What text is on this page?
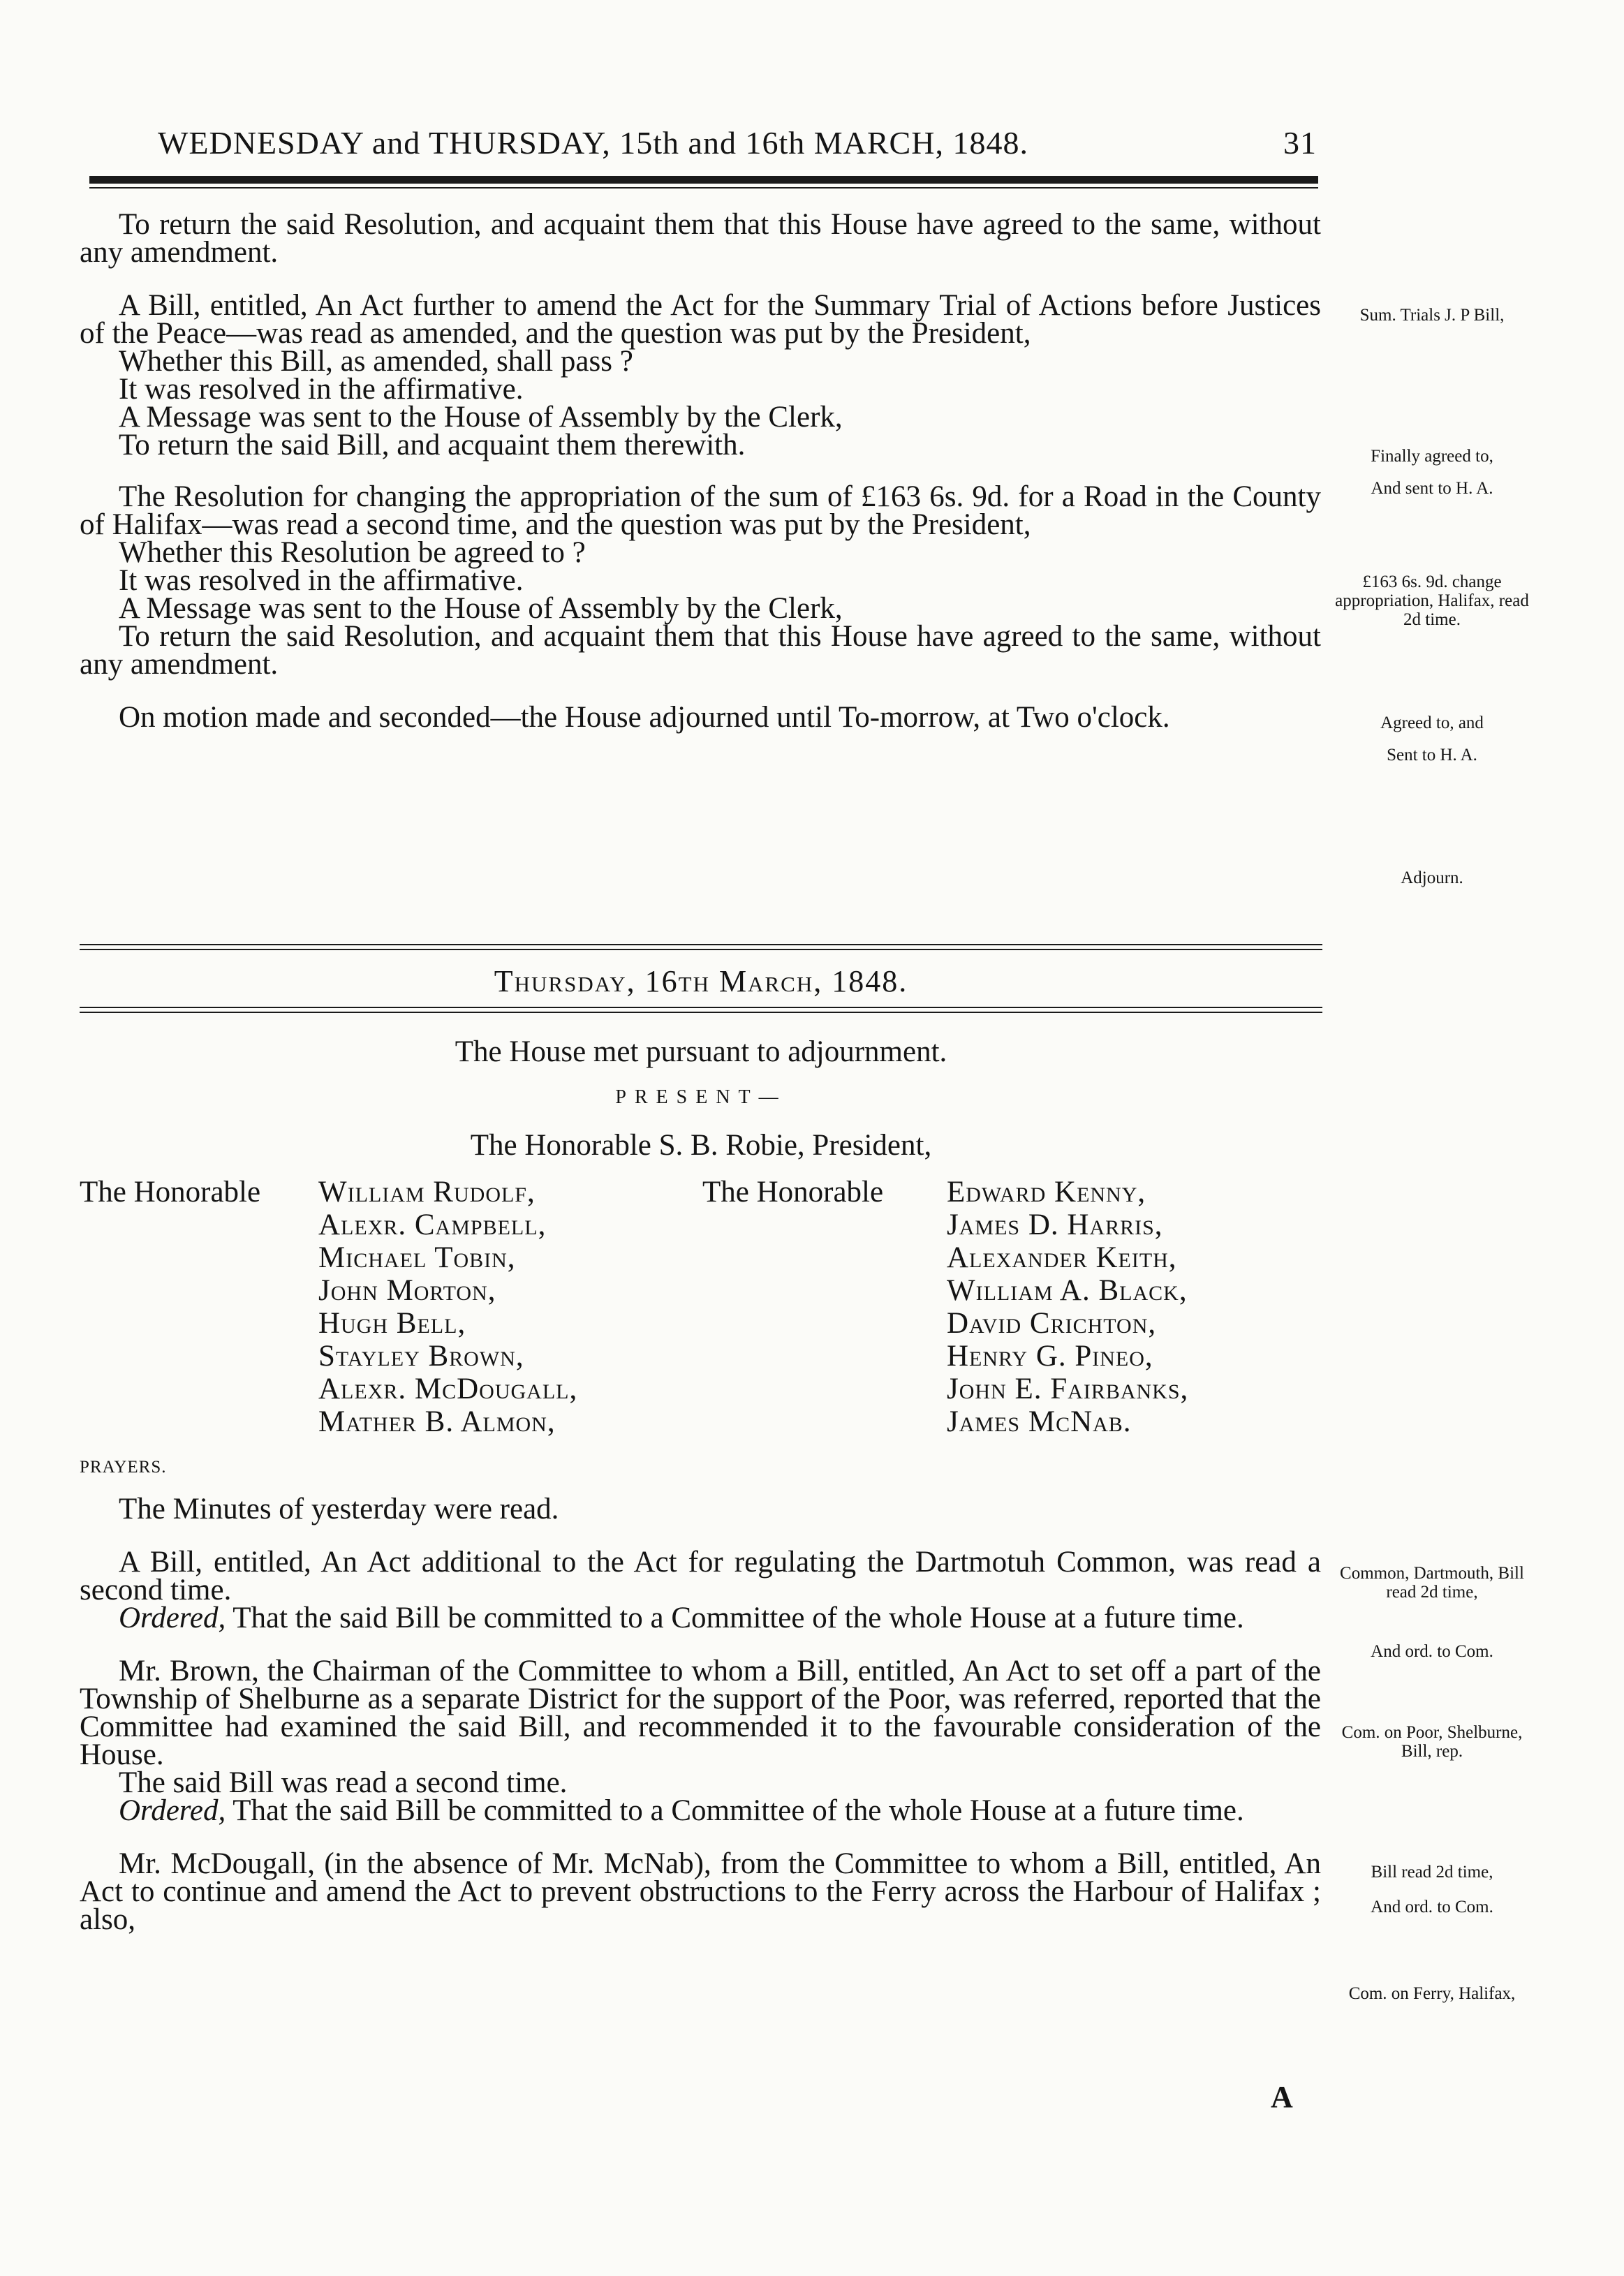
WEDNESDAY and THURSDAY, 15th and 16th MARCH, 1848.	31

To return the said Resolution, and acquaint them that this House have agreed to the same, without any amendment.

A Bill, entitled, An Act further to amend the Act for the Summary Trial of Actions before Justices of the Peace—was read as amended, and the question was put by the President,

Whether this Bill, as amended, shall pass ?
It was resolved in the affirmative.
A Message was sent to the House of Assembly by the Clerk,
To return the said Bill, and acquaint them therewith.

The Resolution for changing the appropriation of the sum of £163 6s. 9d. for a Road in the County of Halifax—was read a second time, and the question was put by the President,

Whether this Resolution be agreed to ?
It was resolved in the affirmative.
A Message was sent to the House of Assembly by the Clerk,

To return the said Resolution, and acquaint them that this House have agreed to the same, without any amendment.

On motion made and seconded—the House adjourned until To-morrow, at Two o'clock.

Sum. Trials J. P Bill,
Finally agreed to,
And sent to H. A.
£163 6s. 9d. change appropriation, Halifax, read 2d time.
Agreed to, and
Sent to H. A.
Adjourn.
Thursday, 16th March, 1848.
The House met pursuant to adjournment.
PRESENT—
The Honorable S. B. Robie, President,
The Honorable William Rudolf,
Alexr. Campbell,
Michael Tobin,
John Morton,
Hugh Bell,
Stayley Brown,
Alexr. McDougall,
Mather B. Almon,
The Honorable Edward Kenny,
James D. Harris,
Alexander Keith,
William A. Black,
David Crichton,
Henry G. Pineo,
John E. Fairbanks,
James McNab.
PRAYERS.

The Minutes of yesterday were read.

A Bill, entitled, An Act additional to the Act for regulating the Dartmotuh Common, was read a second time.

Ordered, That the said Bill be committed to a Committee of the whole House at a future time.

Mr. Brown, the Chairman of the Committee to whom a Bill, entitled, An Act to set off a part of the Township of Shelburne as a separate District for the support of the Poor, was referred, reported that the Committee had examined the said Bill, and recommended it to the favourable consideration of the House.

The said Bill was read a second time.

Ordered, That the said Bill be committed to a Committee of the whole House at a future time.

Mr. McDougall, (in the absence of Mr. McNab), from the Committee to whom a Bill, entitled, An Act to continue and amend the Act to prevent obstructions to the Ferry across the Harbour of Halifax ; also,

Common, Dartmouth, Bill read 2d time,
And ord. to Com.
Com. on Poor, Shelburne, Bill, rep.
Bill read 2d time,
And ord. to Com.
Com. on Ferry, Halifax,
A
